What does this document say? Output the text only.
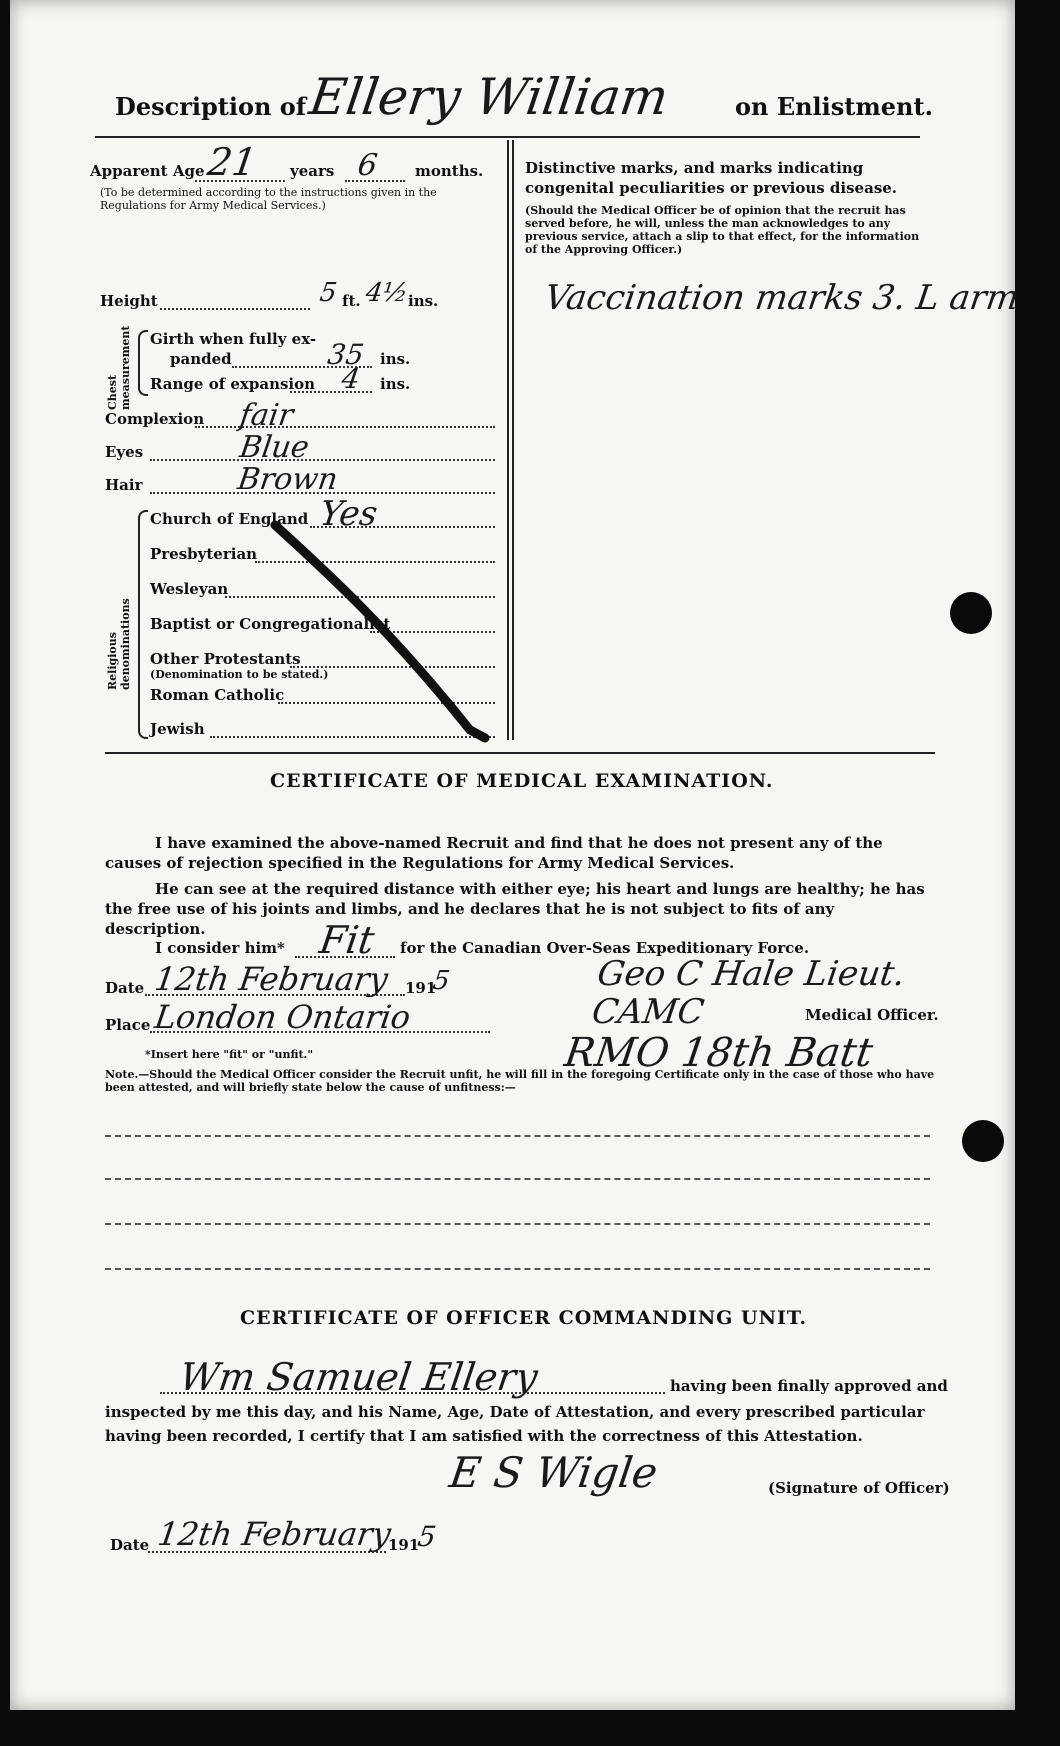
Description of Ellery William	on Enlistment.
Apparent Age 21 years 6 months.
(To be determined according to the instructions given in the Regulations for Army Medical Services.)
Height	5 ft. 4½
ins.
Chest measurement Girth when fully ex-
panded	35 ins.
Range of expansion 4 ins.
Complexion fair
Eyes	Blue
Hair	Brown
Religious denominations
Church of England Yes
Presbyterian
Wesleyan
Baptist or Congregationalist
Other Protestants
(Denomination to be stated.)
Roman Catholic
Jewish
Distinctive marks, and marks indicating congenital peculiarities or previous disease.
(Should the Medical Officer be of opinion that the recruit has served before, he will, unless the man acknowledges to any previous service, attach a slip to that effect, for the information of the Approving Officer.)
Vaccination marks 3. L arm
CERTIFICATE OF MEDICAL EXAMINATION.
I have examined the above-named Recruit and find that he does not present any of the causes of rejection specified in the Regulations for Army Medical Services.
He can see at the required distance with either eye; his heart and lungs are healthy; he has the free use of his joints and limbs, and he declares that he is not subject to fits of any description.
I consider him* Fit for the Canadian Over-Seas Expeditionary Force.
Date 12th February 191
5
Place London Ontario
Geo C Hale Lieut. CAMC
RMO 18th Batt
Medical Officer.
*Insert here "fit" or "unfit."
Note.—Should the Medical Officer consider the Recruit unfit, he will fill in the foregoing Certificate only in the case of those who have been attested, and will briefly state below the cause of unfitness:—
CERTIFICATE OF OFFICER COMMANDING UNIT.
Wm Samuel Ellery	having been finally approved and
inspected by me this day, and his Name, Age, Date of Attestation, and every prescribed particular having been recorded, I certify that I am satisfied with the correctness of this Attestation.
E S Wigle	(Signature of Officer)
Date 12th February
191
5
